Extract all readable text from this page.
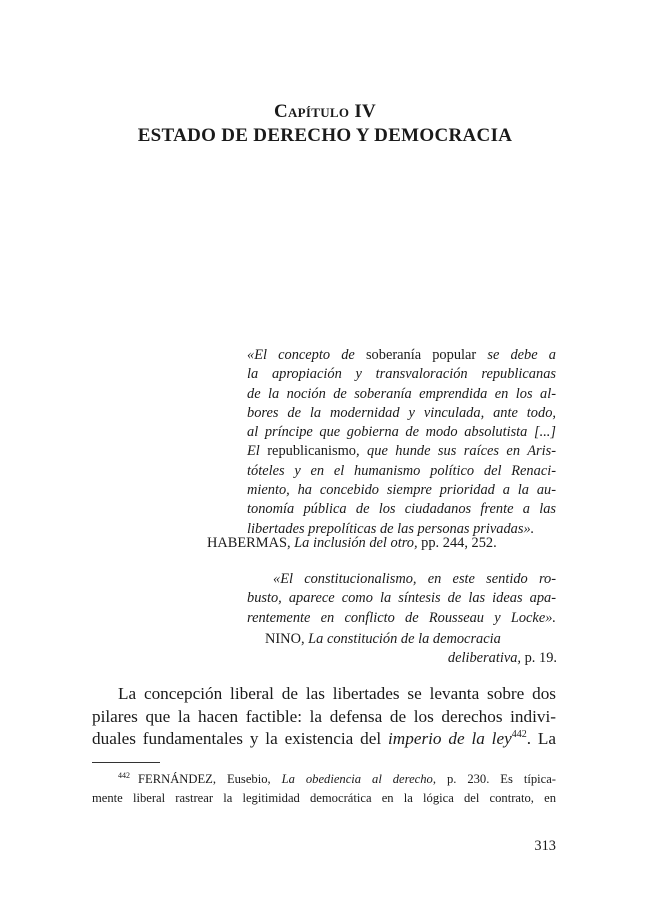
Capítulo IV
ESTADO DE DERECHO Y DEMOCRACIA
«El concepto de soberanía popular se debe a
la apropiación y transvaloración republicanas
de la noción de soberanía emprendida en los al-
bores de la modernidad y vinculada, ante todo,
al príncipe que gobierna de modo absolutista [...]
El republicanismo, que hunde sus raíces en Aris-
tóteles y en el humanismo político del Renaci-
miento, ha concebido siempre prioridad a la au-
tonomía pública de los ciudadanos frente a las
libertades prepolíticas de las personas privadas».
HABERMAS, La inclusión del otro, pp. 244, 252.
«El constitucionalismo, en este sentido ro-
busto, aparece como la síntesis de las ideas apa-
rentemente en conflicto de Rousseau y Locke».
NINO, La constitución de la democracia
deliberativa, p. 19.
La concepción liberal de las libertades se levanta sobre dos
pilares que la hacen factible: la defensa de los derechos indivi-
duales fundamentales y la existencia del imperio de la ley$^{442}$. La
$^{442}$ FERNÁNDEZ, Eusebio, La obediencia al derecho, p. 230. Es típica-
mente liberal rastrear la legitimidad democrática en la lógica del contrato, en
313
